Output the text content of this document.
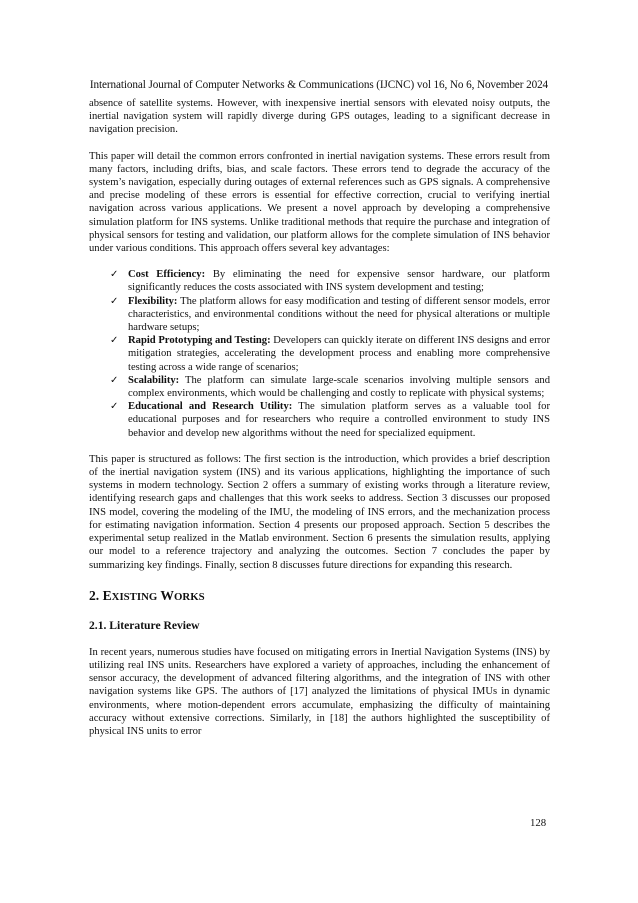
International Journal of Computer Networks & Communications (IJCNC) vol 16, No 6, November 2024

absence of satellite systems. However, with inexpensive inertial sensors with elevated noisy outputs, the inertial navigation system will rapidly diverge during GPS outages, leading to a significant decrease in navigation precision.

This paper will detail the common errors confronted in inertial navigation systems. These errors result from many factors, including drifts, bias, and scale factors. These errors tend to degrade the accuracy of the system’s navigation, especially during outages of external references such as GPS signals. A comprehensive and precise modeling of these errors is essential for effective correction, crucial to verifying inertial navigation across various applications. We present a novel approach by developing a comprehensive simulation platform for INS systems. Unlike traditional methods that require the purchase and integration of physical sensors for testing and validation, our platform allows for the complete simulation of INS behavior under various conditions. This approach offers several key advantages:

✓ Cost Efficiency: By eliminating the need for expensive sensor hardware, our platform significantly reduces the costs associated with INS system development and testing;
✓ Flexibility: The platform allows for easy modification and testing of different sensor models, error characteristics, and environmental conditions without the need for physical alterations or multiple hardware setups;
✓ Rapid Prototyping and Testing: Developers can quickly iterate on different INS designs and error mitigation strategies, accelerating the development process and enabling more comprehensive testing across a wide range of scenarios;
✓ Scalability: The platform can simulate large-scale scenarios involving multiple sensors and complex environments, which would be challenging and costly to replicate with physical systems;
✓ Educational and Research Utility: The simulation platform serves as a valuable tool for educational purposes and for researchers who require a controlled environment to study INS behavior and develop new algorithms without the need for specialized equipment.

This paper is structured as follows: The first section is the introduction, which provides a brief description of the inertial navigation system (INS) and its various applications, highlighting the importance of such systems in modern technology. Section 2 offers a summary of existing works through a literature review, identifying research gaps and challenges that this work seeks to address. Section 3 discusses our proposed INS model, covering the modeling of the IMU, the modeling of INS errors, and the mechanization process for estimating navigation information. Section 4 presents our proposed approach. Section 5 describes the experimental setup realized in the Matlab environment. Section 6 presents the simulation results, applying our model to a reference trajectory and analyzing the outcomes. Section 7 concludes the paper by summarizing key findings. Finally, section 8 discusses future directions for expanding this research.

2. EXISTING WORKS
2.1. Literature Review

In recent years, numerous studies have focused on mitigating errors in Inertial Navigation Systems (INS) by utilizing real INS units. Researchers have explored a variety of approaches, including the enhancement of sensor accuracy, the development of advanced filtering algorithms, and the integration of INS with other navigation systems like GPS. The authors of [17] analyzed the limitations of physical IMUs in dynamic environments, where motion-dependent errors accumulate, emphasizing the difficulty of maintaining accuracy without extensive corrections. Similarly, in [18] the authors highlighted the susceptibility of physical INS units to error

128
